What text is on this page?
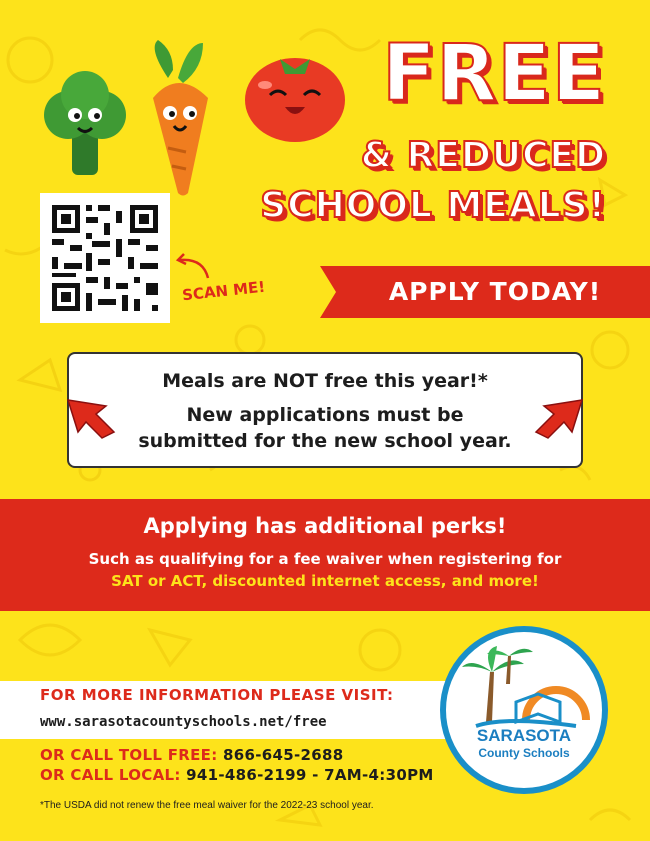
FREE
& REDUCED
SCHOOL MEALS!
SCAN ME!	APPLY TODAY!
Meals are NOT free this year!*
New applications must be
submitted for the new school year.
Applying has additional perks!
Such as qualifying for a fee waiver when registering for
SAT or ACT, discounted internet access, and more!
FOR MORE INFORMATION PLEASE VISIT:
www.sarasotacountyschools.net/free
OR CALL TOLL FREE: 866-645-2688
OR CALL LOCAL: 941-486-2199 - 7AM-4:30PM
*The USDA did not renew the free meal waiver for the 2022-23 school year.
SARASOTA
County Schools
